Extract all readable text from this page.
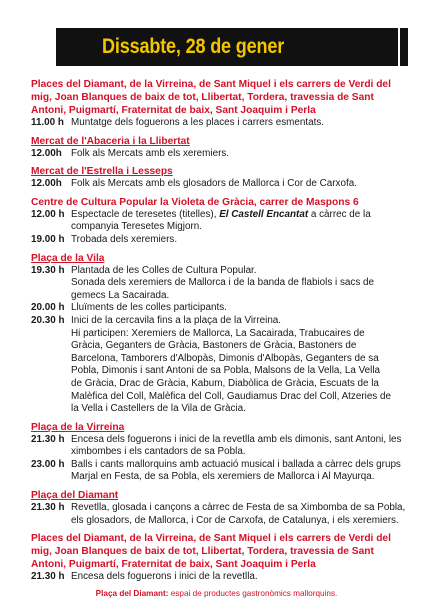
Dissabte, 28 de gener
Places del Diamant, de la Virreina, de Sant Miquel i els carrers de Verdi del mig, Joan Blanques de baix de tot, Llibertat, Tordera, travessia de Sant Antoni, Puigmartí, Fraternitat de baix, Sant Joaquim i Perla
11.00 h Muntatge dels foguerons a les places i carrers esmentats.
Mercat de l'Abaceria i la Llibertat
12.00h Folk als Mercats amb els xeremiers.
Mercat de l'Estrella i Lesseps
12.00h Folk als Mercats amb els glosadors de Mallorca i Cor de Carxofa.
Centre de Cultura Popular la Violeta de Gràcia, carrer de Maspons 6
12.00 h Espectacle de teresetes (titelles), El Castell Encantat a càrrec de la
companyia Teresetes Migjorn.
19.00 h Trobada dels xeremiers.
Plaça de la Vila
19.30 h Plantada de les Colles de Cultura Popular.
Sonada dels xeremiers de Mallorca i de la banda de flabiols i sacs de
gemecs La Sacairada.
20.00 h Lluïments de les colles participants.
20.30 h Inici de la cercavila fins a la plaça de la Virreina.
Hi participen: Xeremiers de Mallorca, La Sacairada, Trabucaires de
Gràcia, Geganters de Gràcia, Bastoners de Gràcia, Bastoners de
Barcelona, Tamborers d'Albopàs, Dimonis d'Albopàs, Geganters de sa
Pobla, Dimonis i sant Antoni de sa Pobla, Malsons de la Vella, La Vella
de Gràcia, Drac de Gràcia, Kabum, Diabòlica de Gràcia, Escuats de la
Malèfica del Coll, Malèfica del Coll, Gaudiamus Drac del Coll, Atzeries de
la Vella i Castellers de la Vila de Gràcia.
Plaça de la Virreina
21.30 h Encesa dels foguerons i inici de la revetlla amb els dimonis, sant Antoni, les
ximbombes i els cantadors de sa Pobla.
23.00 h Balls i cants mallorquins amb actuació musical i ballada a càrrec dels grups
Marjal en Festa, de sa Pobla, els xeremiers de Mallorca i Al Mayurqa.
Plaça del Diamant
21.30 h Revetlla, glosada i cançons a càrrec de Festa de sa Ximbomba de sa Pobla,
els glosadors, de Mallorca, i Cor de Carxofa, de Catalunya, i els xeremiers.
Places del Diamant, de la Virreina, de Sant Miquel i els carrers de Verdi del mig, Joan Blanques de baix de tot, Llibertat, Tordera, travessia de Sant Antoni, Puigmartí, Fraternitat de baix, Sant Joaquim i Perla
21.30 h Encesa dels foguerons i inici de la revetlla.
Plaça del Diamant: espai de productes gastronòmics mallorquins.
